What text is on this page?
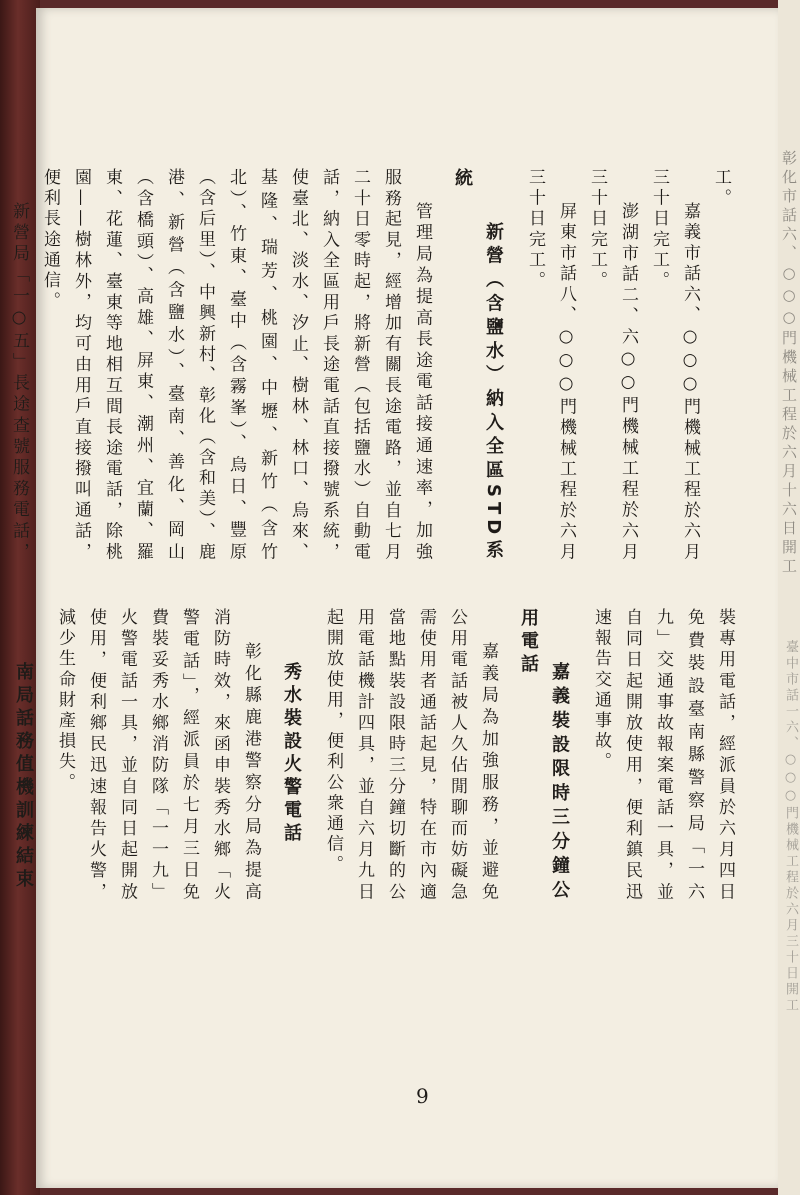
彰化市話六、○○○門機械工程於六月十六日開工
臺中市話一六、○○○門機械工程於六月三十日開工

工。

嘉義市話六、○○○門機械工程於六月三十日完工。

澎湖市話二、六○○門機械工程於六月三十日完工。

屏東市話八、○○○門機械工程於六月三十日完工。

新營（含鹽水）納入全區STD系統

管理局為提高長途電話接通速率，加強服務起見，經增加有關長途電路，並自七月二十日零時起，將新營（包括鹽水）自動電話，納入全區用戶長途電話直接撥號系統，使臺北、淡水、汐止、樹林、林口、烏來、基隆、瑞芳、桃園、中壢、新竹（含竹北）、竹東、臺中（含霧峯）、烏日、豐原（含后里）、中興新村、彰化（含和美）、鹿港、新營（含鹽水）、臺南、善化、岡山（含橋頭）、高雄、屏東、潮州、宜蘭、羅東、花蓮、臺東等地相互間長途電話，除桃園——樹林外，均可由用戶直接撥叫通話，便利長途通信。

新營局「一○五」長途查號服務電話，

裝專用電話，經派員於六月四日免費裝設臺南縣警察局「一六九」交通事故報案電話一具，並自同日起開放使用，便利鎮民迅速報告交通事故。

嘉義裝設限時三分鐘公用電話

嘉義局為加強服務，並避免公用電話被人久佔閒聊而妨礙急需使用者通話起見，特在市內適當地點裝設限時三分鐘切斷的公用電話機計四具，並自六月九日起開放使用，便利公衆通信。

秀水裝設火警電話

彰化縣鹿港警察分局為提高消防時效，來函申裝秀水鄉「火警電話」，經派員於七月三日免費裝妥秀水鄉消防隊「一一九」火警電話一具，並自同日起開放使用，便利鄉民迅速報告火警，減少生命財產損失。

南局話務值機訓練結束

9
